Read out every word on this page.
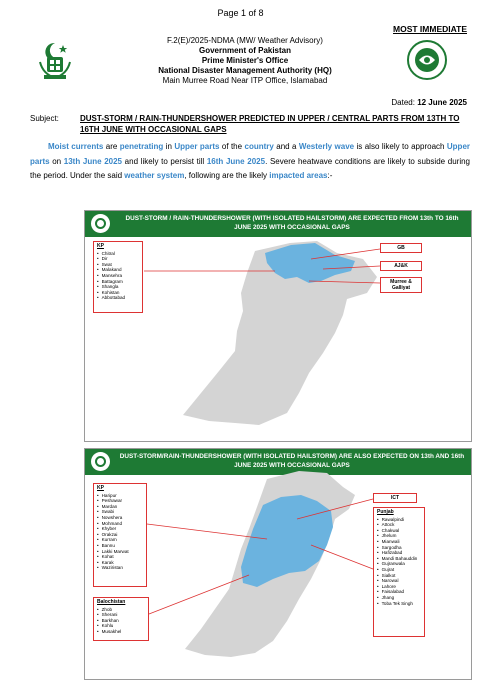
Page 1 of 8
MOST IMMEDIATE
F.2(E)/2025-NDMA (MW/ Weather Advisory)
Government of Pakistan
Prime Minister's Office
National Disaster Management Authority (HQ)
Main Murree Road Near ITP Office, Islamabad
Dated: 12 June 2025
Subject:	DUST-STORM / RAIN-THUNDERSHOWER PREDICTED IN UPPER / CENTRAL PARTS FROM 13TH TO 16TH JUNE WITH OCCASIONAL GAPS
Moist currents are penetrating in Upper parts of the country and a Westerly wave is also likely to approach Upper parts on 13th June 2025 and likely to persist till 16th June 2025. Severe heatwave conditions are likely to subside during the period. Under the said weather system, following are the likely impacted areas:-
DUST-STORM / RAIN-THUNDERSHOWER (WITH ISOLATED HAILSTORM) ARE EXPECTED FROM 13th TO 16th JUNE 2025 WITH OCCASIONAL GAPS
KP
• Chitral
• Dir
• Swat
• Malakand
• Mansehra
• Battagram
• Shangla
• Kohistan
• Abbottabad
GB
AJ&K
Murree & Galliyat
DUST-STORM/RAIN-THUNDERSHOWER (WITH ISOLATED HAILSTORM) ARE ALSO EXPECTED ON 13th AND 16th JUNE 2025 WITH OCCASIONAL GAPS
KP
• Haripur
• Peshawar
• Mardan
• Swabi
• Nowshera
• Mohmand
• Khyber
• Orakzai
• Kurram
• Bannu
• Lakki Marwat
• Kohat
• Karak
• Waziristan
ICT
Punjab
• Rawalpindi
• Attock
• Chakwal
• Jhelum
• Mianwali
• Sargodha
• Hafizabad
• Mandi Bahauddin
• Gujranwala
• Gujrat
• Sialkot
• Narowal
• Lahore
• Faisalabad
• Jhang
• Toba Tek Singh
Balochistan
• Zhob
• Sherani
• Barkhan
• Kohlu
• Musakhel
